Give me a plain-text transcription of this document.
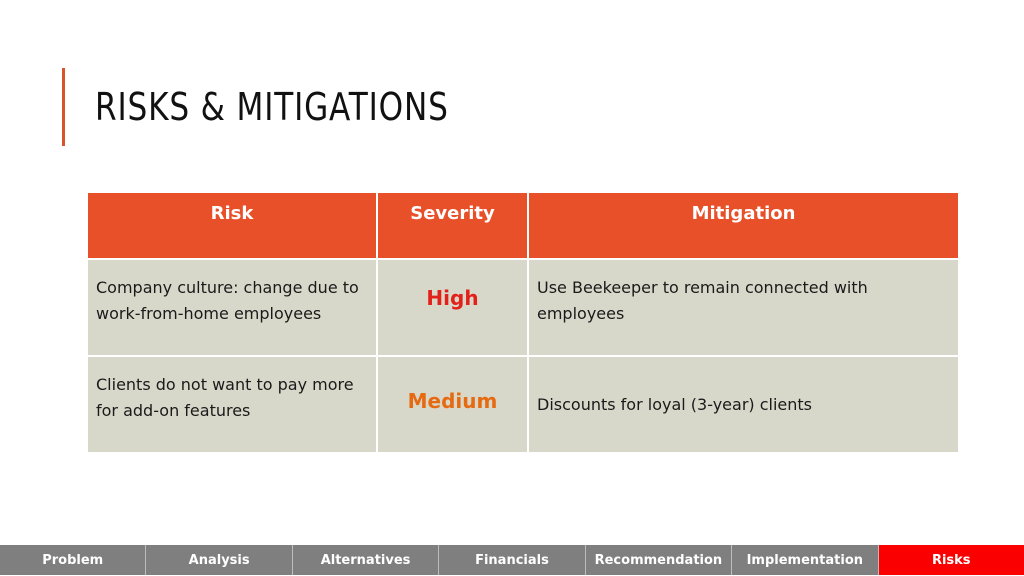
RISKS & MITIGATIONS
Risk	Severity	Mitigation
Company culture: change due to work-from-home employees	High	Use Beekeeper to remain connected with employees
Clients do not want to pay more for add-on features	Medium	Discounts for loyal (3-year) clients
Problem	Analysis	Alternatives	Financials	Recommendation	Implementation	Risks
